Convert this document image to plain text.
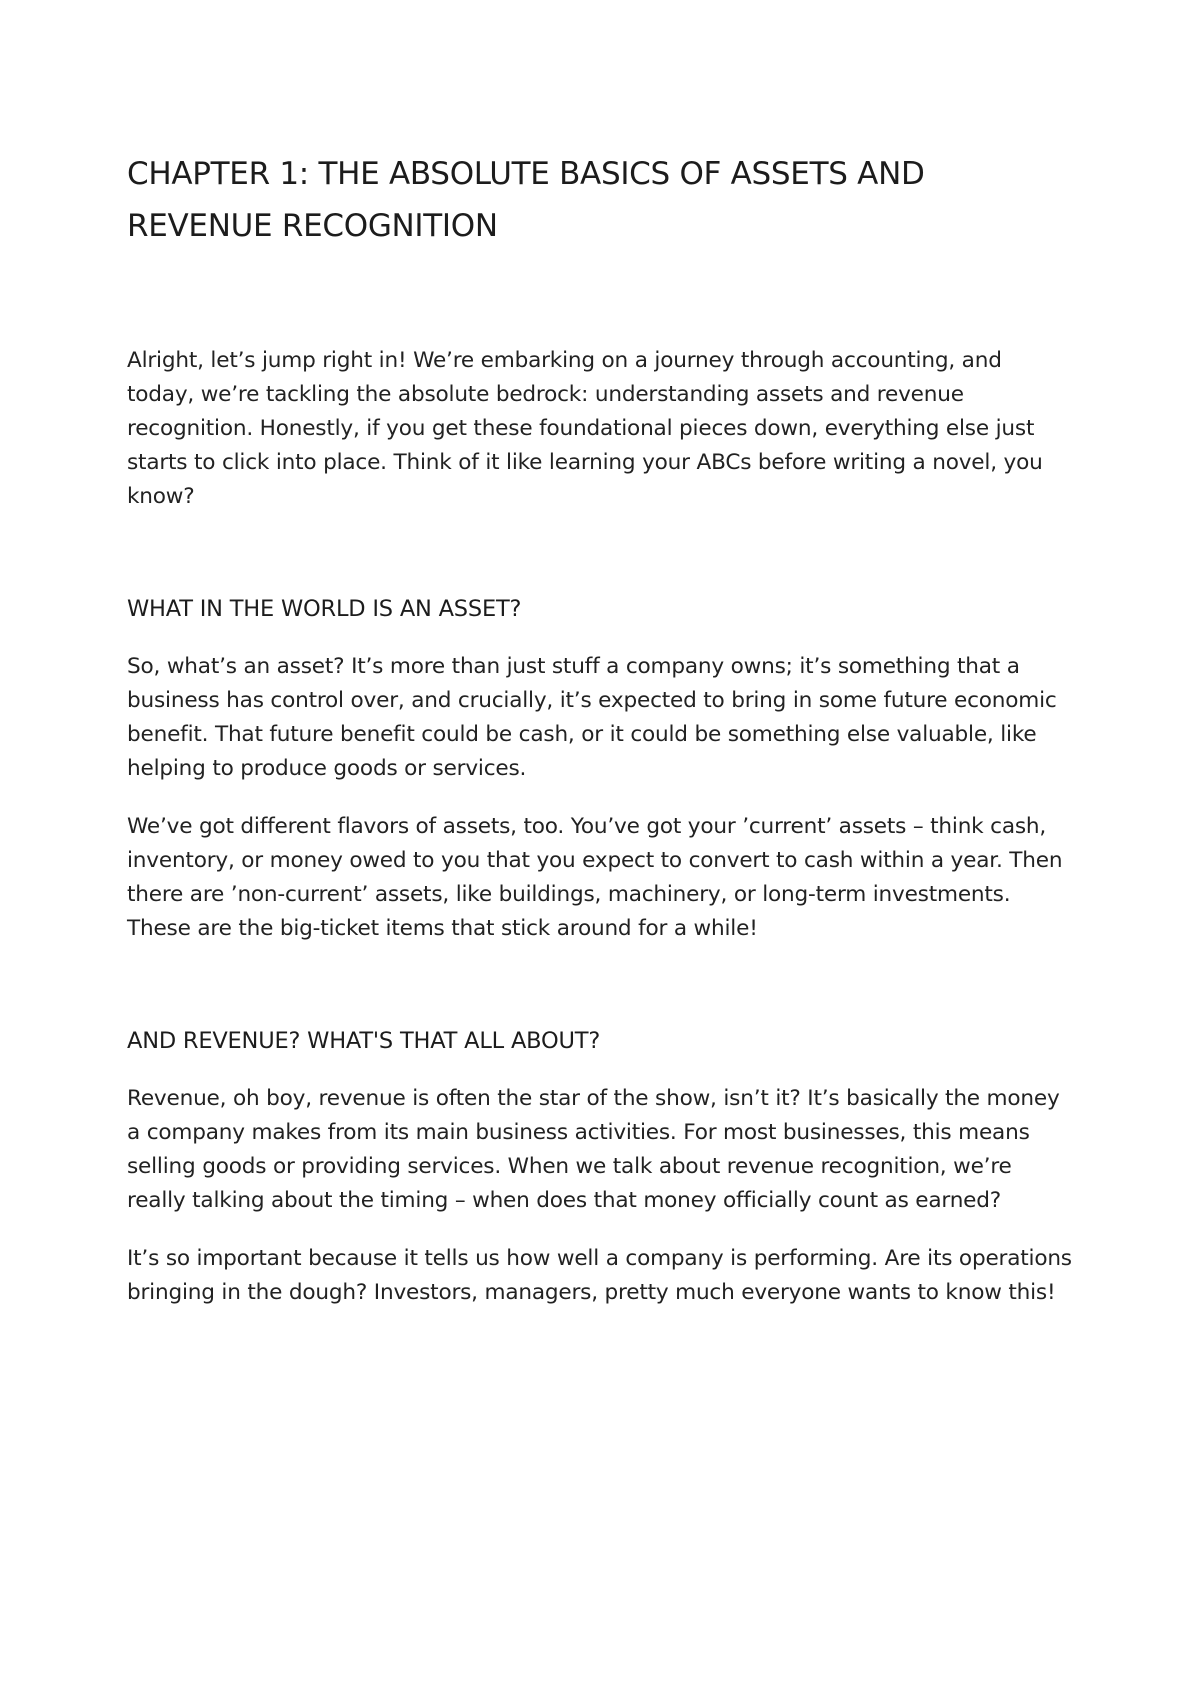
CHAPTER 1: THE ABSOLUTE BASICS OF ASSETS AND
REVENUE RECOGNITION

Alright, let’s jump right in! We’re embarking on a journey through accounting, and today, we’re tackling the absolute bedrock: understanding assets and revenue recognition. Honestly, if you get these foundational pieces down, everything else just starts to click into place. Think of it like learning your ABCs before writing a novel, you know?

WHAT IN THE WORLD IS AN ASSET?

So, what’s an asset? It’s more than just stuff a company owns; it’s something that a business has control over, and crucially, it’s expected to bring in some future economic benefit. That future benefit could be cash, or it could be something else valuable, like helping to produce goods or services.

We’ve got different flavors of assets, too. You’ve got your ’current’ assets – think cash, inventory, or money owed to you that you expect to convert to cash within a year. Then there are ’non-current’ assets, like buildings, machinery, or long-term investments. These are the big-ticket items that stick around for a while!

AND REVENUE? WHAT'S THAT ALL ABOUT?

Revenue, oh boy, revenue is often the star of the show, isn’t it? It’s basically the money a company makes from its main business activities. For most businesses, this means selling goods or providing services. When we talk about revenue recognition, we’re really talking about the timing – when does that money officially count as earned?

It’s so important because it tells us how well a company is performing. Are its operations bringing in the dough? Investors, managers, pretty much everyone wants to know this!
